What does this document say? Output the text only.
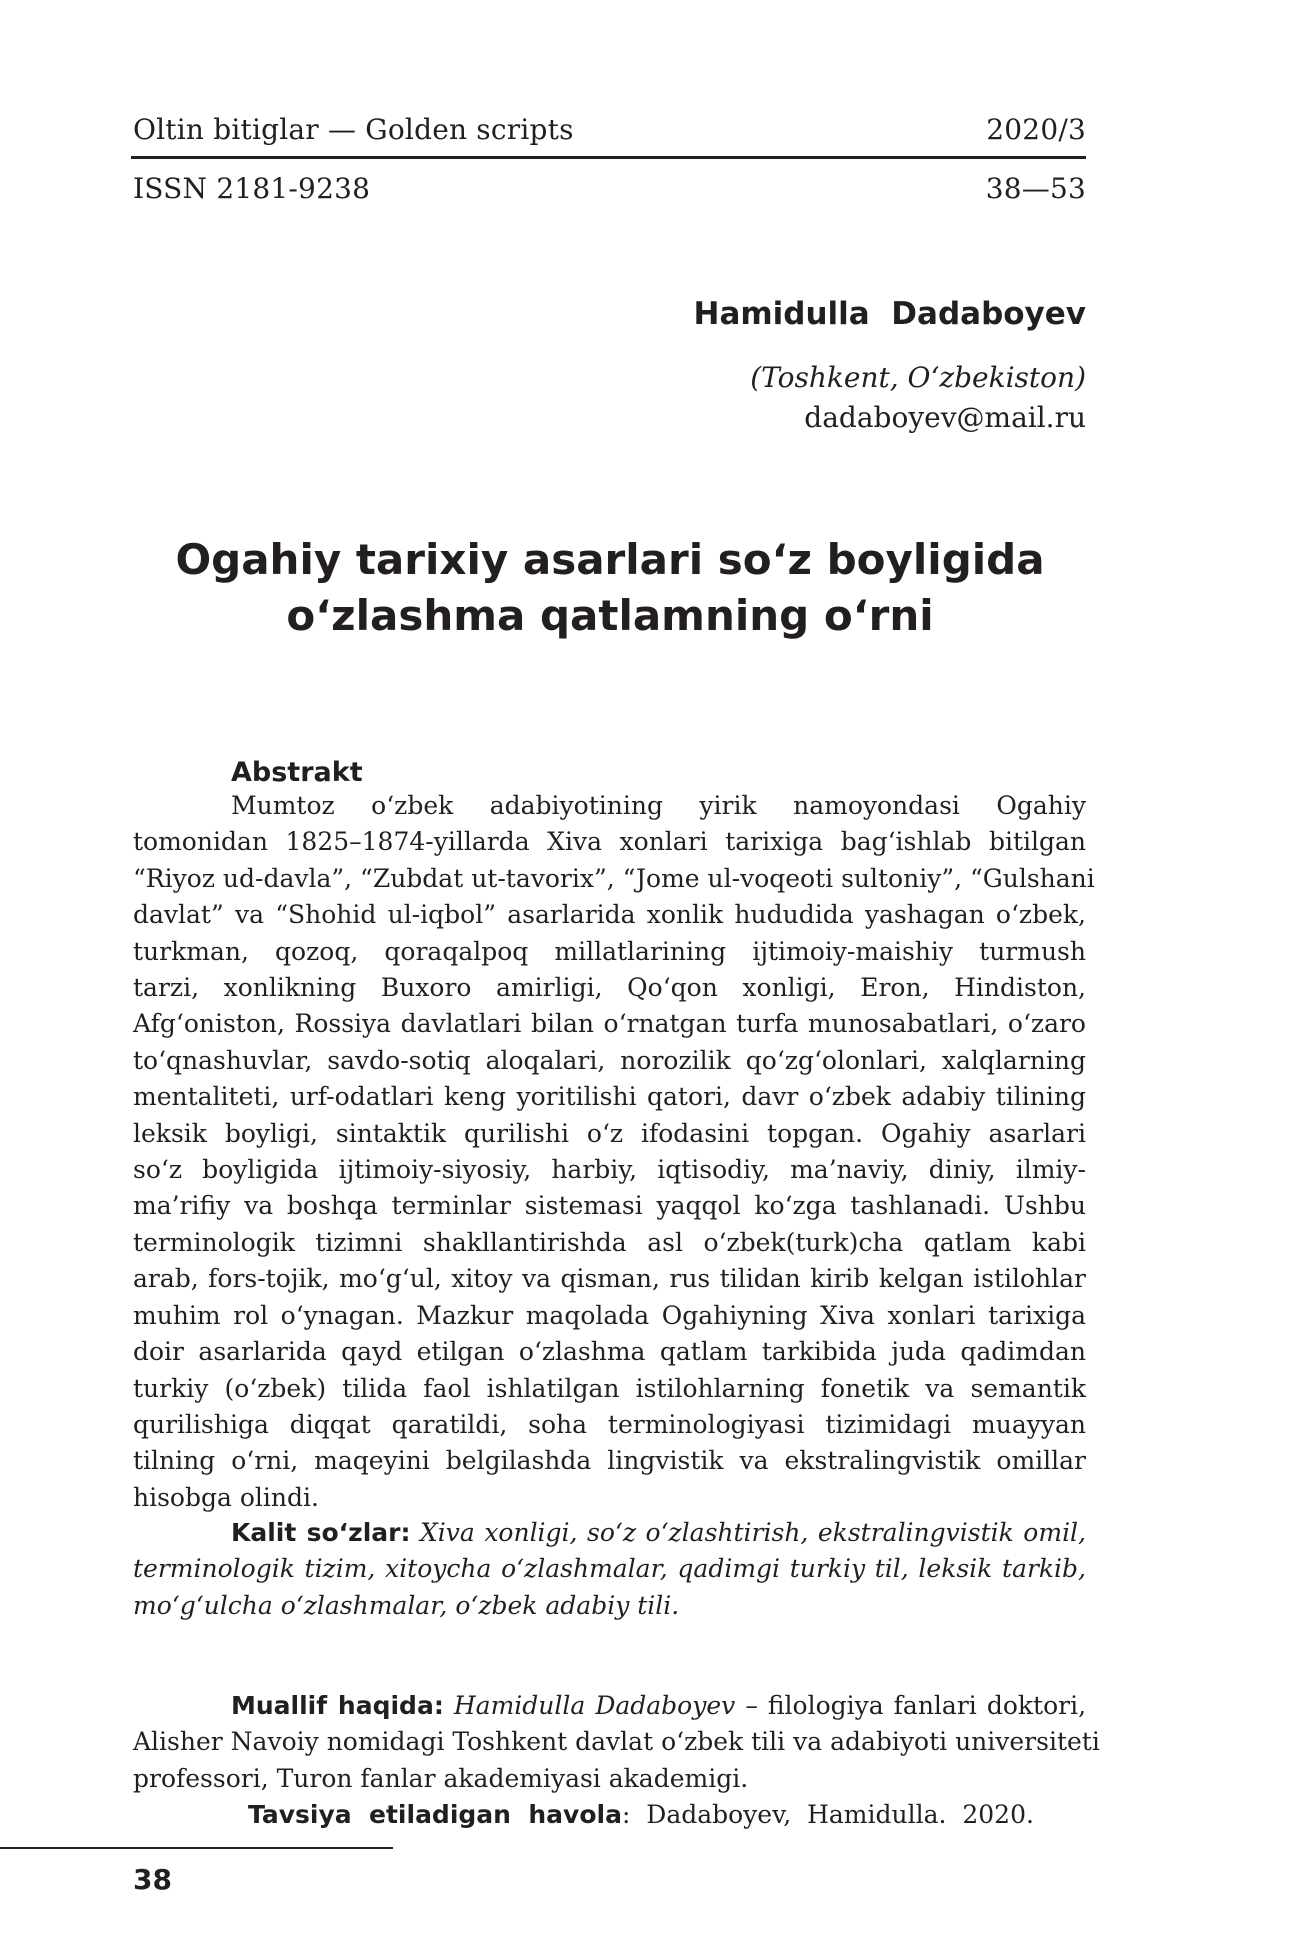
Oltin bitiglar — Golden scripts	2020/3
ISSN 2181-9238	38—53
Hamidulla  Dadaboyev
(Toshkent, O‘zbekiston)
dadaboyev@mail.ru
Ogahiy tarixiy asarlari so‘z boyligida
o‘zlashma qatlamning o‘rni
Abstrakt
Mumtoz o‘zbek adabiyotining yirik namoyondasi Ogahiy
tomonidan 1825–1874-yillarda Xiva xonlari tarixiga bag‘ishlab bitilgan
“Riyoz ud-davla”, “Zubdat ut-tavorix”, “Jome ul-voqeoti sultoniy”, “Gulshani
davlat” va “Shohid ul-iqbol” asarlarida xonlik hududida yashagan o‘zbek,
turkman, qozoq, qoraqalpoq millatlarining ijtimoiy-maishiy turmush
tarzi, xonlikning Buxoro amirligi, Qo‘qon xonligi, Eron, Hindiston,
Afg‘oniston, Rossiya davlatlari bilan o‘rnatgan turfa munosabatlari, o‘zaro
to‘qnashuvlar, savdo-sotiq aloqalari, norozilik qo‘zg‘olonlari, xalqlarning
mentaliteti, urf-odatlari keng yoritilishi qatori, davr o‘zbek adabiy tilining
leksik boyligi, sintaktik qurilishi o‘z ifodasini topgan. Ogahiy asarlari
so‘z boyligida ijtimoiy-siyosiy, harbiy, iqtisodiy, ma’naviy, diniy, ilmiy-
ma’rifiy va boshqa terminlar sistemasi yaqqol ko‘zga tashlanadi. Ushbu
terminologik tizimni shakllantirishda asl o‘zbek(turk)cha qatlam kabi
arab, fors-tojik, mo‘g‘ul, xitoy va qisman, rus tilidan kirib kelgan istilohlar
muhim rol o‘ynagan. Mazkur maqolada Ogahiyning Xiva xonlari tarixiga
doir asarlarida qayd etilgan o‘zlashma qatlam tarkibida juda qadimdan
turkiy (o‘zbek) tilida faol ishlatilgan istilohlarning fonetik va semantik
qurilishiga diqqat qaratildi, soha terminologiyasi tizimidagi muayyan
tilning o‘rni, maqeyini belgilashda lingvistik va ekstralingvistik omillar
hisobga olindi.
Kalit so‘zlar: Xiva xonligi, so‘z o‘zlashtirish, ekstralingvistik omil,
terminologik tizim, xitoycha o‘zlashmalar, qadimgi turkiy til, leksik tarkib,
mo‘g‘ulcha o‘zlashmalar, o‘zbek adabiy tili.
Muallif haqida: Hamidulla Dadaboyev – filologiya fanlari doktori,
Alisher Navoiy nomidagi Toshkent davlat o‘zbek tili va adabiyoti universiteti
professori, Turon fanlar akademiyasi akademigi.
Tavsiya  etiladigan  havola:  Dadaboyev,  Hamidulla.  2020.
38
